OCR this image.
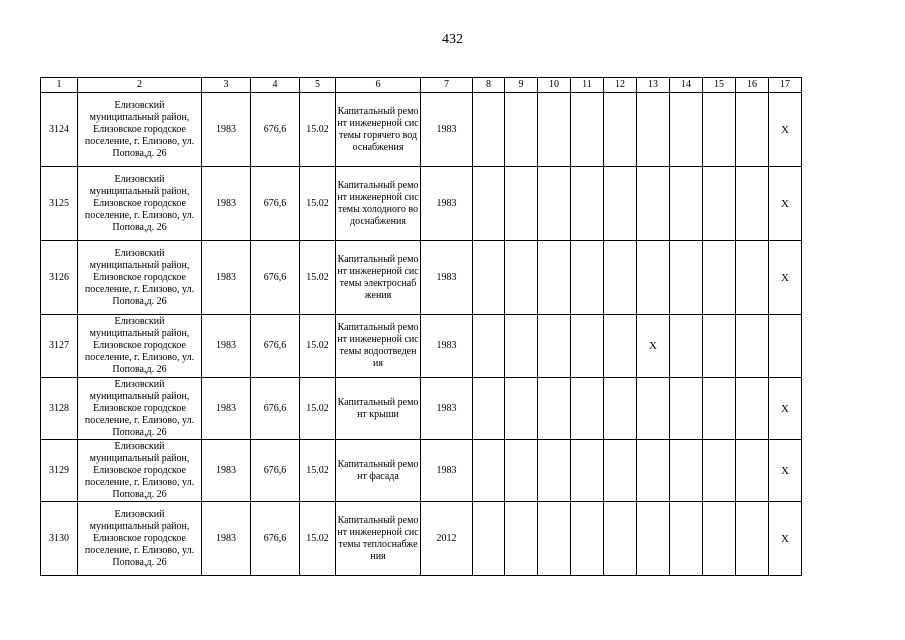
432
1	2	3	4	5	6	7	8	9	10	11	12	13	14	15	16	17
3124	Елизовский муниципальный район, Елизовское городское поселение, г. Елизово, ул. Попова,д. 26	1983	676,6	15.02	Капитальный ремонт инженерной системы горячего водоснабжения	1983										X
3125	Елизовский муниципальный район, Елизовское городское поселение, г. Елизово, ул. Попова,д. 26	1983	676,6	15.02	Капитальный ремонт инженерной системы холодного водоснабжения	1983										X
3126	Елизовский муниципальный район, Елизовское городское поселение, г. Елизово, ул. Попова,д. 26	1983	676,6	15.02	Капитальный ремонт инженерной системы электроснабжения	1983										X
3127	Елизовский муниципальный район, Елизовское городское поселение, г. Елизово, ул. Попова,д. 26	1983	676,6	15.02	Капитальный ремонт инженерной системы водоотведения	1983						X				
3128	Елизовский муниципальный район, Елизовское городское поселение, г. Елизово, ул. Попова,д. 26	1983	676,6	15.02	Капитальный ремонт крыши	1983										X
3129	Елизовский муниципальный район, Елизовское городское поселение, г. Елизово, ул. Попова,д. 26	1983	676,6	15.02	Капитальный ремонт фасада	1983										X
3130	Елизовский муниципальный район, Елизовское городское поселение, г. Елизово, ул. Попова,д. 26	1983	676,6	15.02	Капитальный ремонт инженерной системы теплоснабжения	2012										X
